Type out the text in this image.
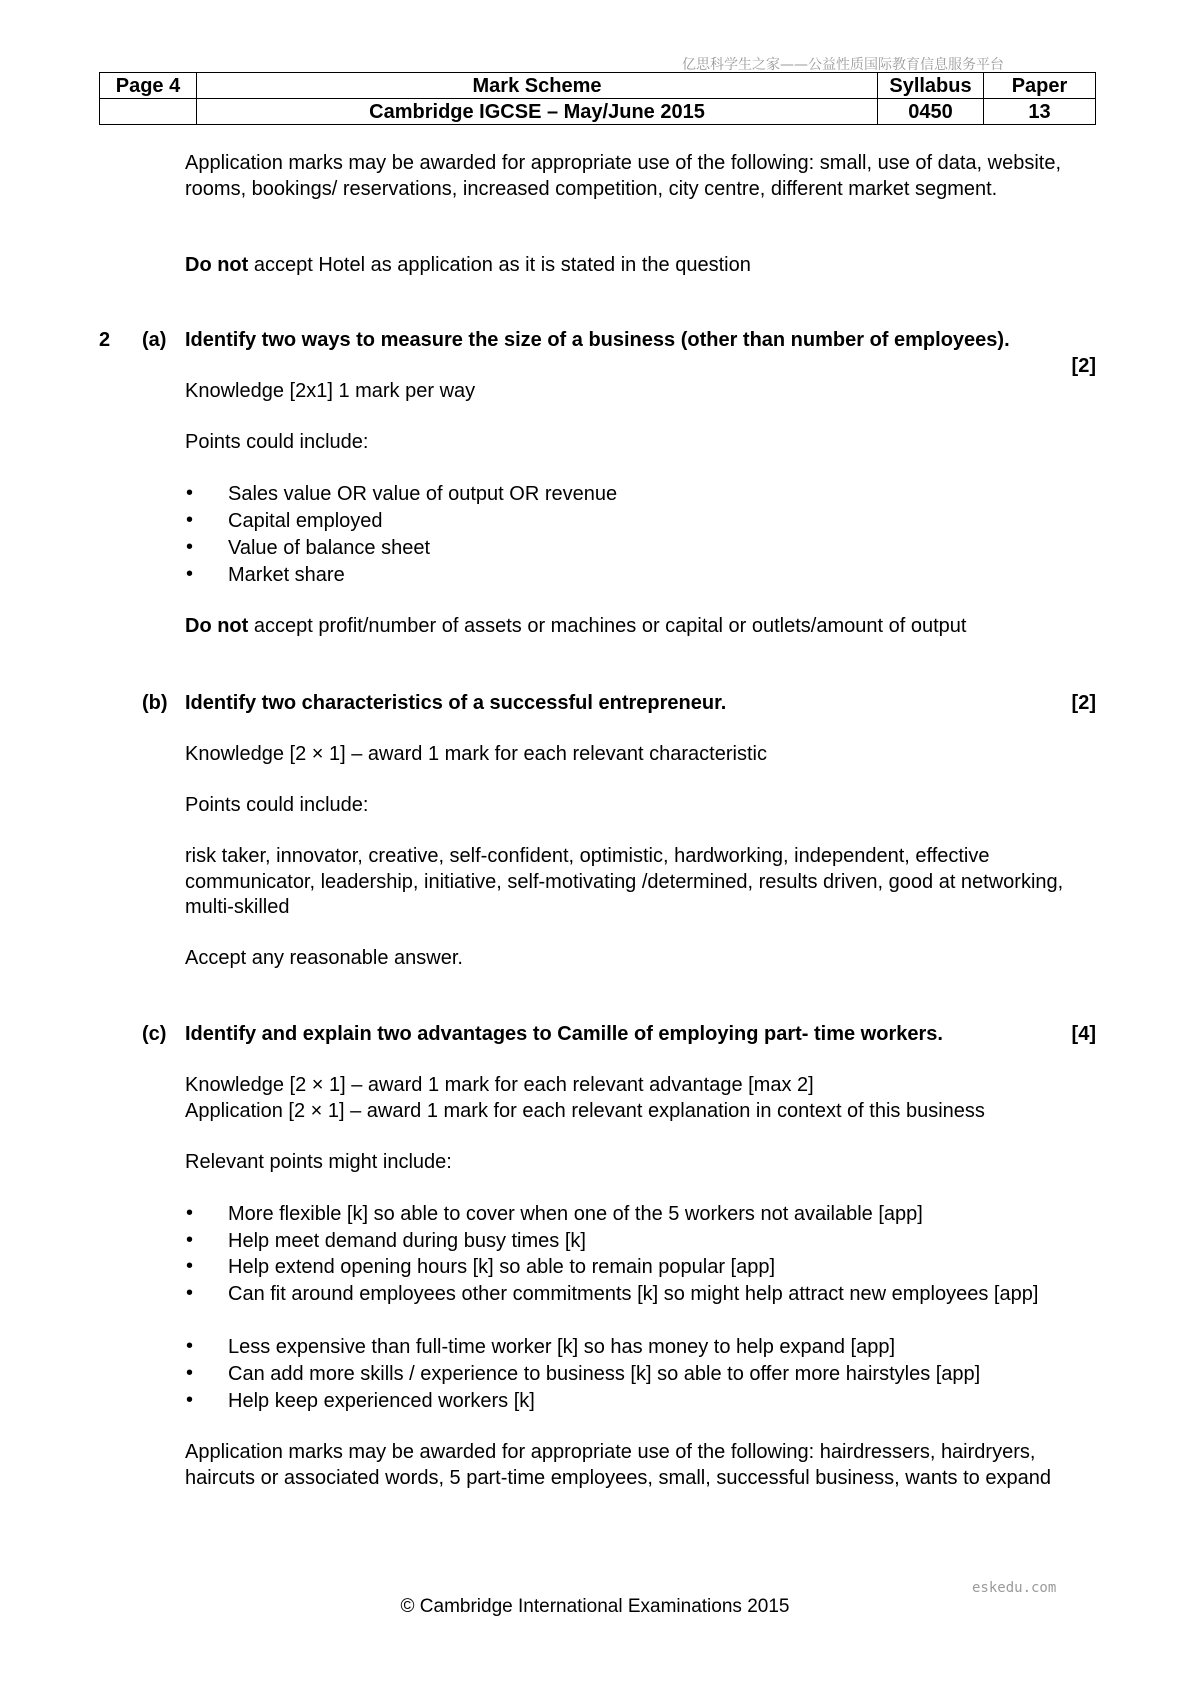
亿思科学生之家——公益性质国际教育信息服务平台
Page 4	Mark Scheme	Syllabus	Paper
	Cambridge IGCSE – May/June 2015	0450	13
Application marks may be awarded for appropriate use of the following: small, use of data, website, rooms, bookings/ reservations, increased competition, city centre, different market segment.
Do not accept Hotel as application as it is stated in the question
2 (a) Identify two ways to measure the size of a business (other than number of employees).
[2]
Knowledge [2x1] 1 mark per way
Points could include:
• Sales value OR value of output OR revenue
• Capital employed
• Value of balance sheet
• Market share
Do not accept profit/number of assets or machines or capital or outlets/amount of output
(b) Identify two characteristics of a successful entrepreneur.	[2]
Knowledge [2 × 1] – award 1 mark for each relevant characteristic
Points could include:
risk taker, innovator, creative, self-confident, optimistic, hardworking, independent, effective communicator, leadership, initiative, self-motivating /determined, results driven, good at networking, multi-skilled
Accept any reasonable answer.
(c) Identify and explain two advantages to Camille of employing part- time workers.	[4]
Knowledge [2 × 1] – award 1 mark for each relevant advantage [max 2]
Application [2 × 1] – award 1 mark for each relevant explanation in context of this business
Relevant points might include:
• More flexible [k] so able to cover when one of the 5 workers not available [app]
• Help meet demand during busy times [k]
• Help extend opening hours [k] so able to remain popular [app]
• Can fit around employees other commitments [k] so might help attract new employees [app]
• Less expensive than full-time worker [k] so has money to help expand [app]
• Can add more skills / experience to business [k] so able to offer more hairstyles [app]
• Help keep experienced workers [k]
Application marks may be awarded for appropriate use of the following: hairdressers, hairdryers, haircuts or associated words, 5 part-time employees, small, successful business, wants to expand
eskedu.com
© Cambridge International Examinations 2015
